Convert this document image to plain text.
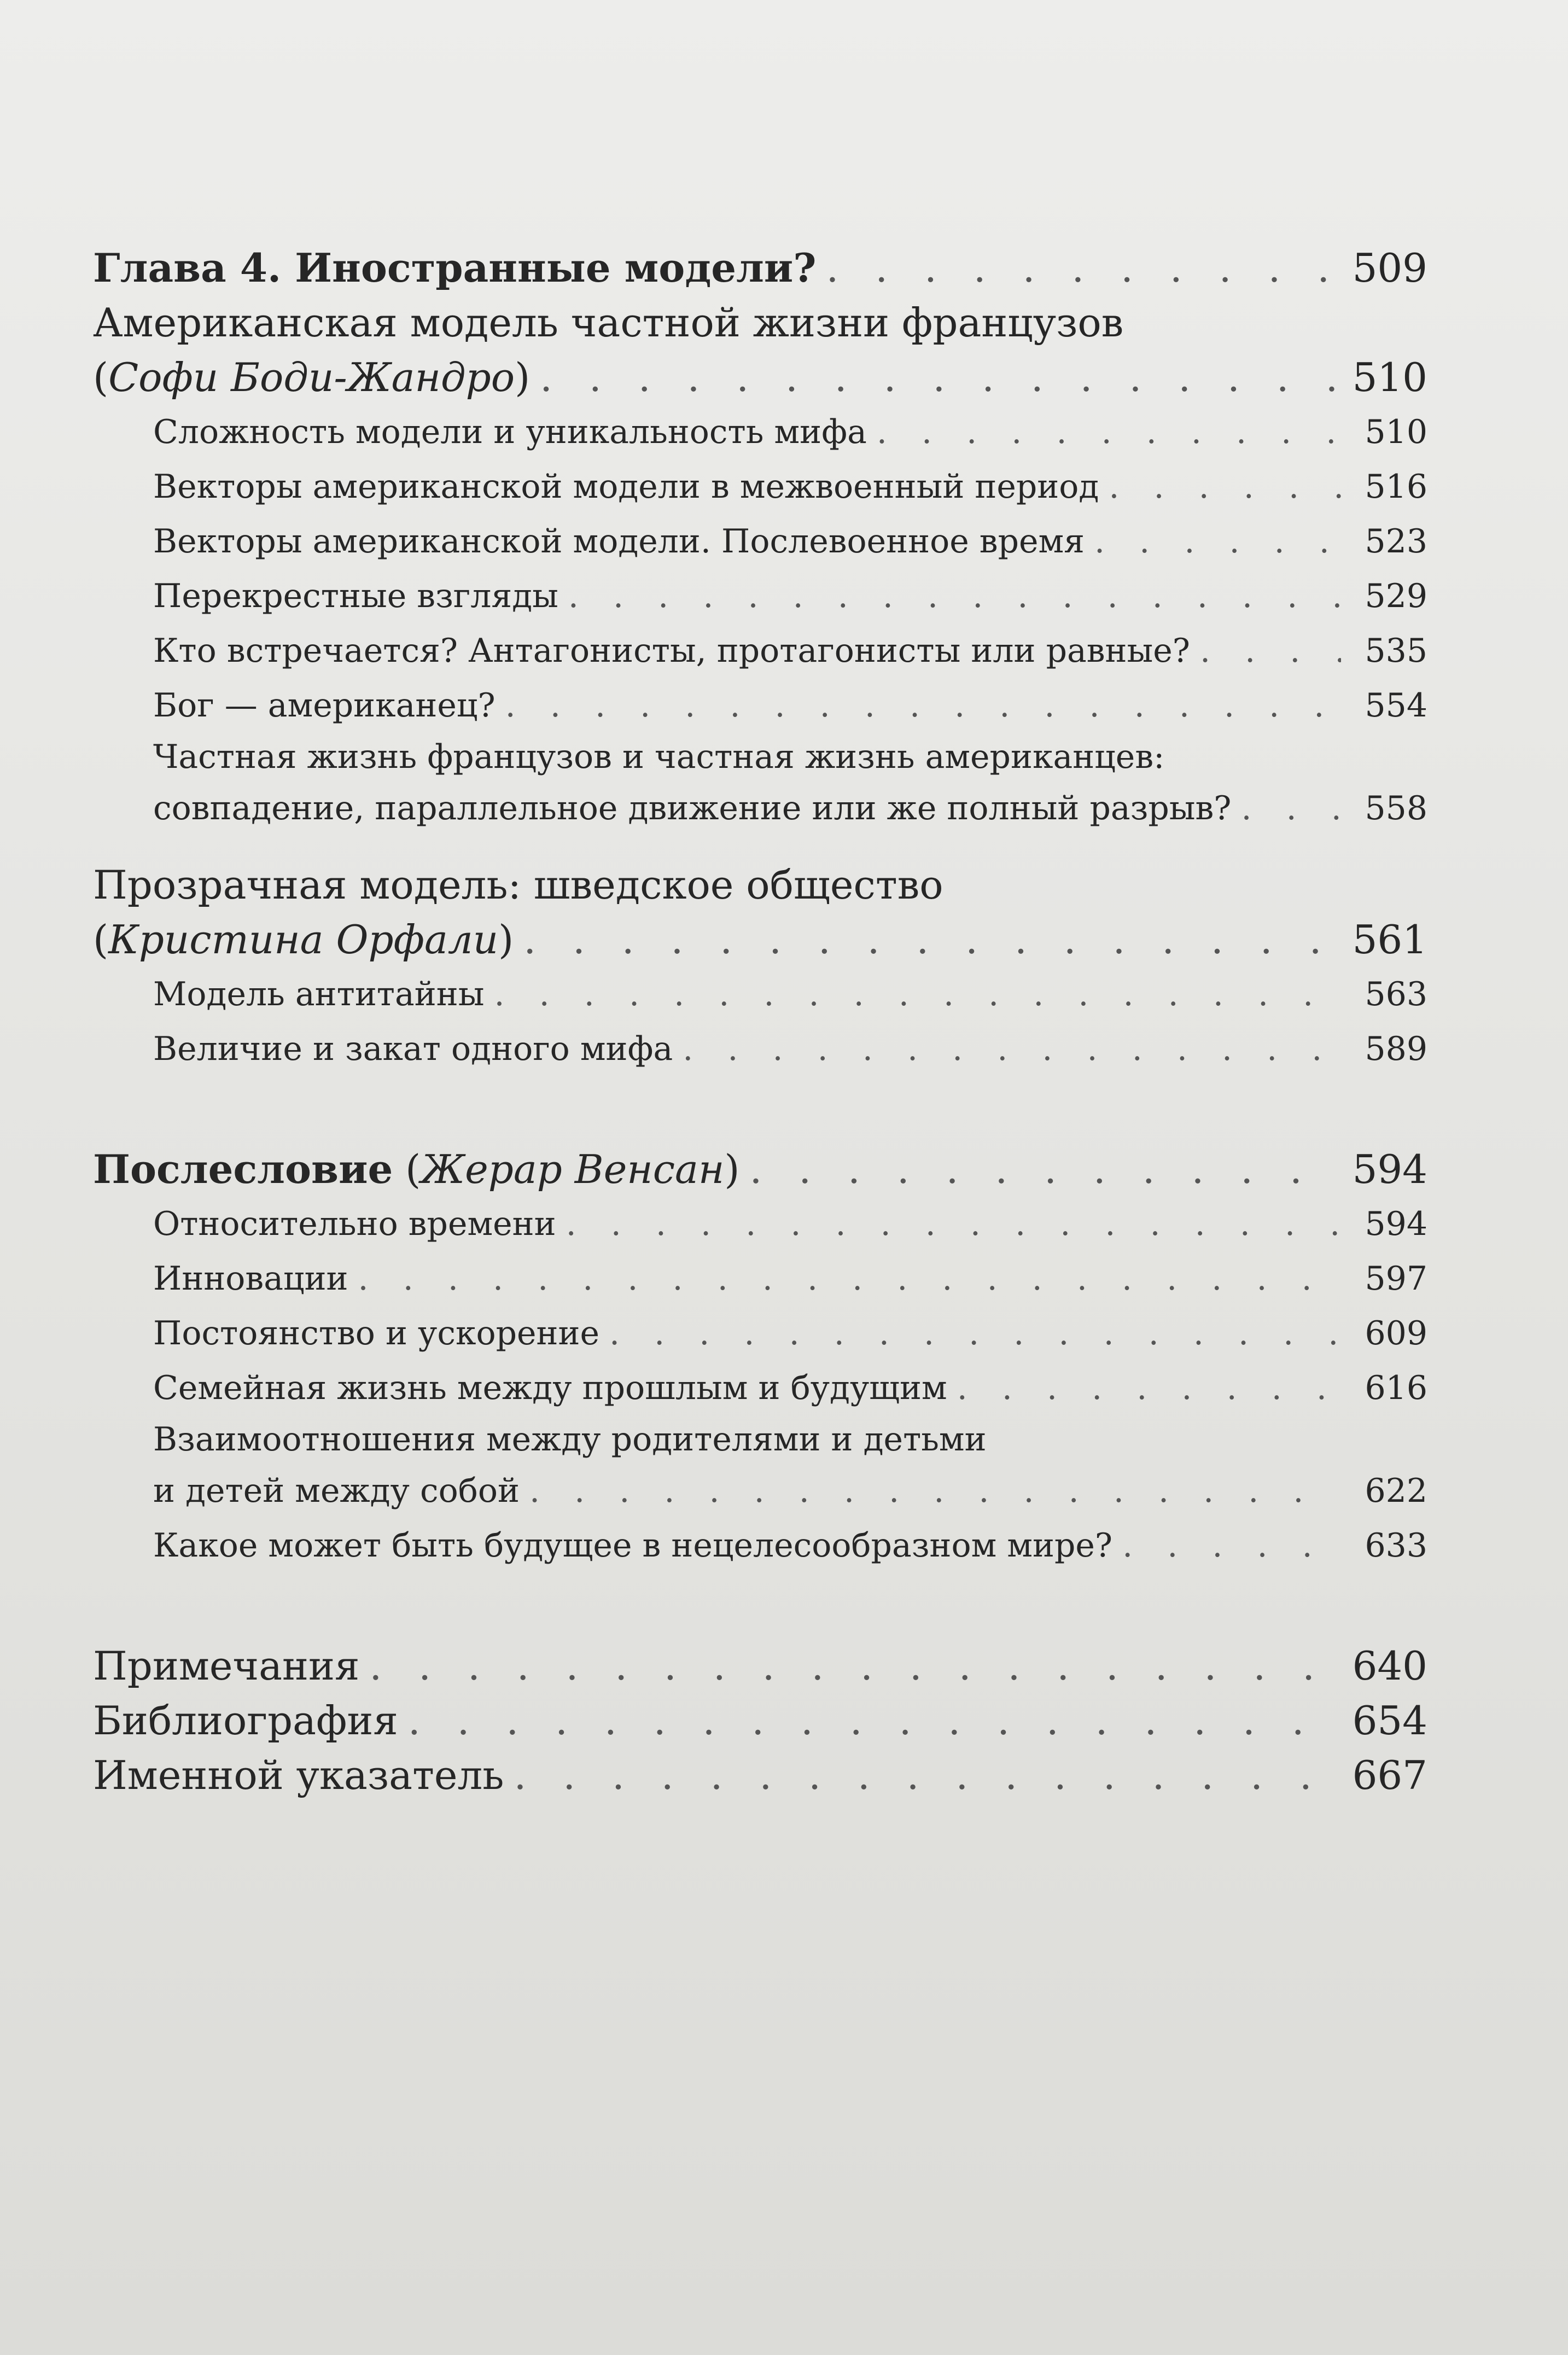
Глава 4. Иностранные модели? . . .	509
Американская модель частной жизни французов
(Софи Боди-Жандро) . . .	510
Сложность модели и уникальность мифа . . .	510
Векторы американской модели в межвоенный период . . .	516
Векторы американской модели. Послевоенное время . . .	523
Перекрестные взгляды . . .	529
Кто встречается? Антагонисты, протагонисты или равные? . . .	535
Бог — американец? . . .	554
Частная жизнь французов и частная жизнь американцев:
совпадение, параллельное движение или же полный разрыв? . . .	558
Прозрачная модель: шведское общество
(Кристина Орфали) . . .	561
Модель антитайны . . .	563
Величие и закат одного мифа . . .	589
Послесловие (Жерар Венсан) . . .	594
Относительно времени . . .	594
Инновации . . .	597
Постоянство и ускорение . . .	609
Семейная жизнь между прошлым и будущим . . .	616
Взаимоотношения между родителями и детьми
и детей между собой . . .	622
Какое может быть будущее в нецелесообразном мире? . . .	633
Примечания . . .	640
Библиография . . .	654
Именной указатель . . .	667
